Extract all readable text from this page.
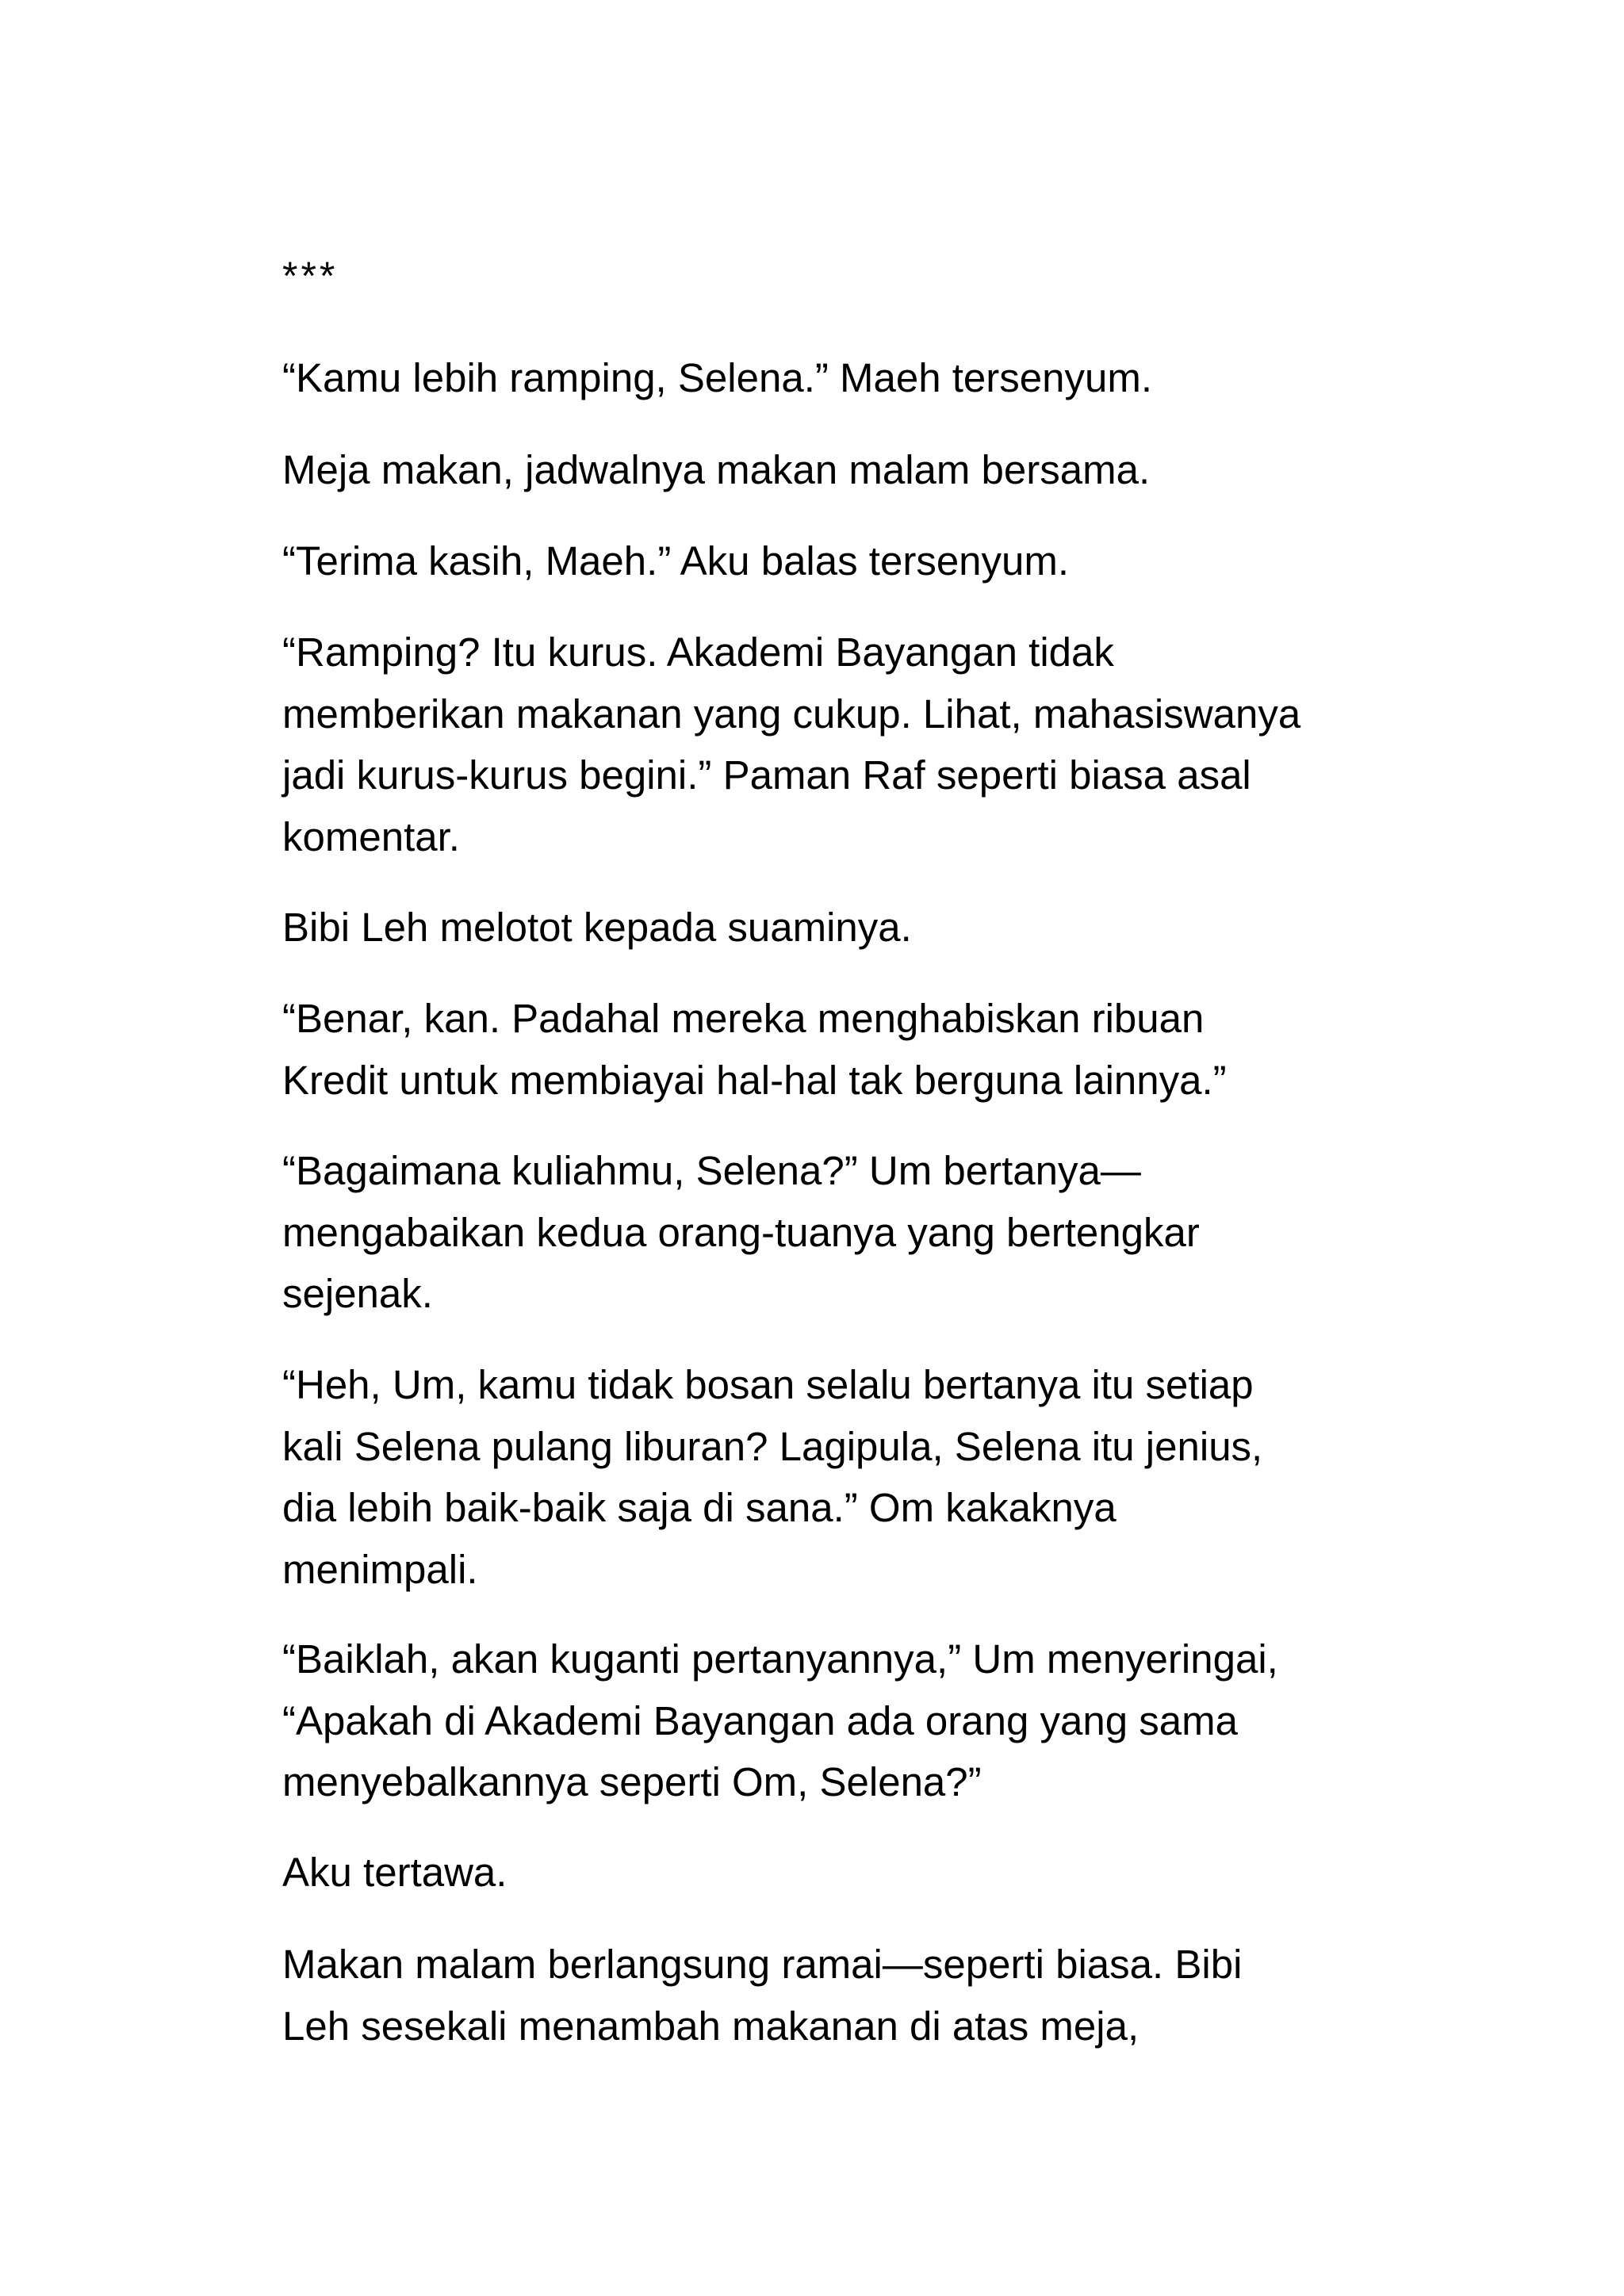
***

“Kamu lebih ramping, Selena.” Maeh tersenyum.

Meja makan, jadwalnya makan malam bersama.

“Terima kasih, Maeh.” Aku balas tersenyum.

“Ramping? Itu kurus. Akademi Bayangan tidak
memberikan makanan yang cukup. Lihat, mahasiswanya
jadi kurus-kurus begini.” Paman Raf seperti biasa asal
komentar.

Bibi Leh melotot kepada suaminya.

“Benar, kan. Padahal mereka menghabiskan ribuan
Kredit untuk membiayai hal-hal tak berguna lainnya.”

“Bagaimana kuliahmu, Selena?” Um bertanya—
mengabaikan kedua orang-tuanya yang bertengkar
sejenak.

“Heh, Um, kamu tidak bosan selalu bertanya itu setiap
kali Selena pulang liburan? Lagipula, Selena itu jenius,
dia lebih baik-baik saja di sana.” Om kakaknya
menimpali.

“Baiklah, akan kuganti pertanyannya,” Um menyeringai,
“Apakah di Akademi Bayangan ada orang yang sama
menyebalkannya seperti Om, Selena?”

Aku tertawa.

Makan malam berlangsung ramai—seperti biasa. Bibi
Leh sesekali menambah makanan di atas meja,
